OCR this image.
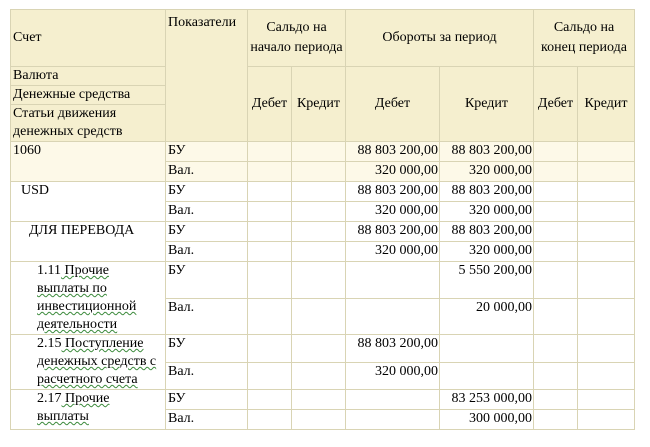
Счет	Показатели	Сальдо на начало периода		Обороты за период		Сальдо на конец периода	
Валюта		Дебет	Кредит	Дебет	Кредит	Дебет	Кредит
Денежные средства							
Статьи движения денежных средств							
1060	БУ			88 803 200,00	88 803 200,00		
	Вал.			320 000,00	320 000,00		
USD	БУ			88 803 200,00	88 803 200,00		
	Вал.			320 000,00	320 000,00		
ДЛЯ ПЕРЕВОДА	БУ			88 803 200,00	88 803 200,00		
	Вал.			320 000,00	320 000,00		
1.11 Прочие выплаты по инвестиционной деятельности	БУ				5 550 200,00		
	Вал.				20 000,00		
2.15 Поступление денежных средств с расчетного счета	БУ			88 803 200,00			
	Вал.			320 000,00			
2.17 Прочие выплаты	БУ				83 253 000,00		
	Вал.				300 000,00		
